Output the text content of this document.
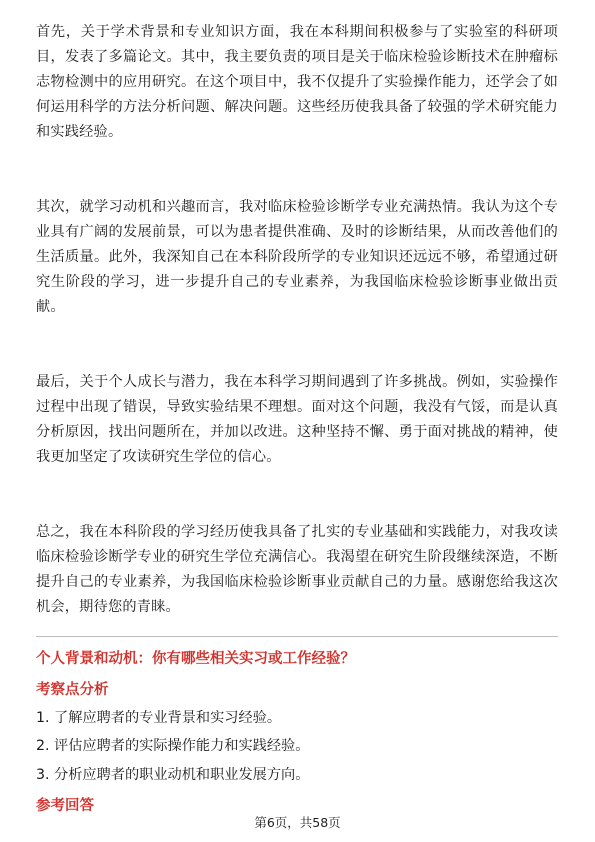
首先，关于学术背景和专业知识方面，我在本科期间积极参与了实验室的科研项目，发表了多篇论文。其中，我主要负责的项目是关于临床检验诊断技术在肿瘤标志物检测中的应用研究。在这个项目中，我不仅提升了实验操作能力，还学会了如何运用科学的方法分析问题、解决问题。这些经历使我具备了较强的学术研究能力和实践经验。

其次，就学习动机和兴趣而言，我对临床检验诊断学专业充满热情。我认为这个专业具有广阔的发展前景，可以为患者提供准确、及时的诊断结果，从而改善他们的生活质量。此外，我深知自己在本科阶段所学的专业知识还远远不够，希望通过研究生阶段的学习，进一步提升自己的专业素养，为我国临床检验诊断事业做出贡献。

最后，关于个人成长与潜力，我在本科学习期间遇到了许多挑战。例如，实验操作过程中出现了错误，导致实验结果不理想。面对这个问题，我没有气馁，而是认真分析原因，找出问题所在，并加以改进。这种坚持不懈、勇于面对挑战的精神，使我更加坚定了攻读研究生学位的信心。

总之，我在本科阶段的学习经历使我具备了扎实的专业基础和实践能力，对我攻读临床检验诊断学专业的研究生学位充满信心。我渴望在研究生阶段继续深造，不断提升自己的专业素养，为我国临床检验诊断事业贡献自己的力量。感谢您给我这次机会，期待您的青睐。

个人背景和动机：你有哪些相关实习或工作经验？

考察点分析

1. 了解应聘者的专业背景和实习经验。

2. 评估应聘者的实际操作能力和实践经验。

3. 分析应聘者的职业动机和职业发展方向。

参考回答

第6页，共58页
